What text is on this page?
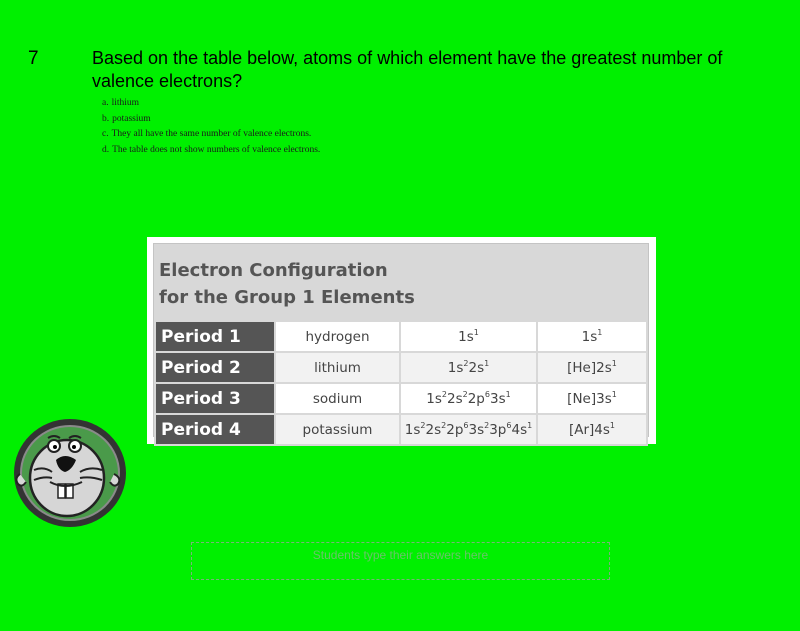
7	Based on the table below, atoms of which element have the greatest number of valence electrons?
a. lithium
b. potassium
c. They all have the same number of valence electrons.
d. The table does not show numbers of valence electrons.
Electron Configuration
for the Group 1 Elements
Period 1	hydrogen	$1s^1$	$1s^1$
Period 2	lithium	$1s^22s^1$	$[He]2s^1$
Period 3	sodium	$1s^22s^22p^63s^1$	$[Ne]3s^1$
Period 4	potassium	$1s^22s^22p^63s^23p^64s^1$	$[Ar]4s^1$
Students type their answers here
